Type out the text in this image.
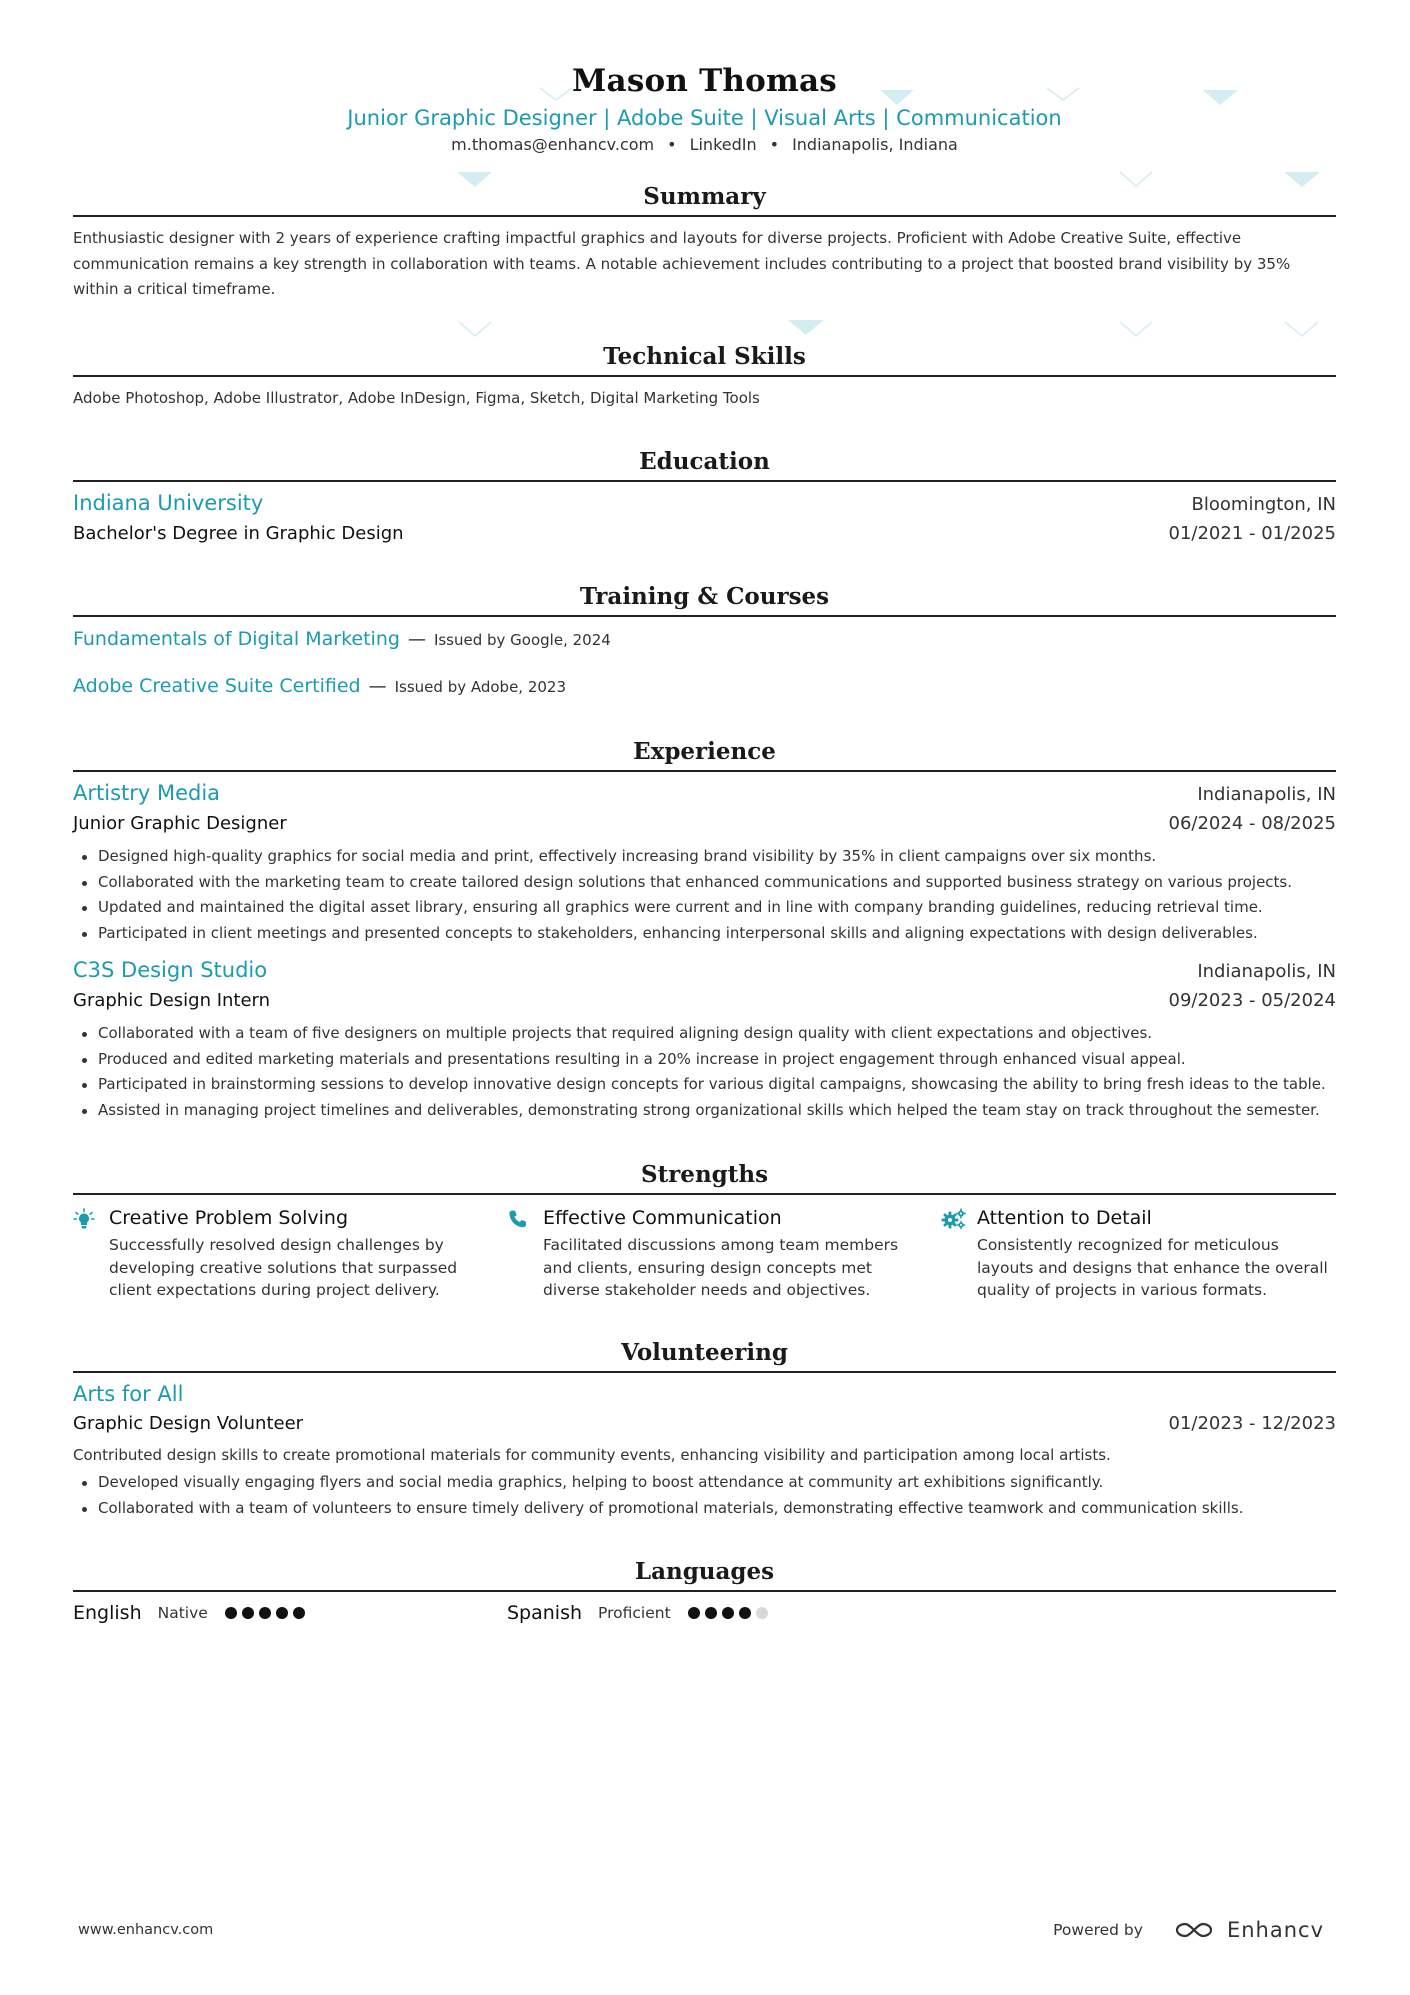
Mason Thomas
Junior Graphic Designer | Adobe Suite | Visual Arts | Communication
m.thomas@enhancv.com • LinkedIn • Indianapolis, Indiana
Summary

Enthusiastic designer with 2 years of experience crafting impactful graphics and layouts for diverse projects. Proficient with Adobe Creative Suite, effective communication remains a key strength in collaboration with teams. A notable achievement includes contributing to a project that boosted brand visibility by 35% within a critical timeframe.

Technical Skills

Adobe Photoshop, Adobe Illustrator, Adobe InDesign, Figma, Sketch, Digital Marketing Tools

Education
Indiana University	Bloomington, IN
Bachelor's Degree in Graphic Design	01/2021 - 01/2025
Training & Courses
Fundamentals of Digital Marketing — Issued by Google, 2024
Adobe Creative Suite Certified — Issued by Adobe, 2023
Experience
Artistry Media	Indianapolis, IN
Junior Graphic Designer	06/2024 - 08/2025
Designed high-quality graphics for social media and print, effectively increasing brand visibility by 35% in client campaigns over six months.
Collaborated with the marketing team to create tailored design solutions that enhanced communications and supported business strategy on various projects.
Updated and maintained the digital asset library, ensuring all graphics were current and in line with company branding guidelines, reducing retrieval time.
Participated in client meetings and presented concepts to stakeholders, enhancing interpersonal skills and aligning expectations with design deliverables.
C3S Design Studio	Indianapolis, IN
Graphic Design Intern	09/2023 - 05/2024
Collaborated with a team of five designers on multiple projects that required aligning design quality with client expectations and objectives.
Produced and edited marketing materials and presentations resulting in a 20% increase in project engagement through enhanced visual appeal.
Participated in brainstorming sessions to develop innovative design concepts for various digital campaigns, showcasing the ability to bring fresh ideas to the table.
Assisted in managing project timelines and deliverables, demonstrating strong organizational skills which helped the team stay on track throughout the semester.
Strengths
Creative Problem Solving
Successfully resolved design challenges by developing creative solutions that surpassed client expectations during project delivery.
Effective Communication
Facilitated discussions among team members and clients, ensuring design concepts met diverse stakeholder needs and objectives.
Attention to Detail
Consistently recognized for meticulous layouts and designs that enhance the overall quality of projects in various formats.
Volunteering
Arts for All
Graphic Design Volunteer	01/2023 - 12/2023

Contributed design skills to create promotional materials for community events, enhancing visibility and participation among local artists.

Developed visually engaging flyers and social media graphics, helping to boost attendance at community art exhibitions significantly.
Collaborated with a team of volunteers to ensure timely delivery of promotional materials, demonstrating effective teamwork and communication skills.
Languages
English Native	Spanish Proficient
www.enhancv.com	Powered by	Enhancv
